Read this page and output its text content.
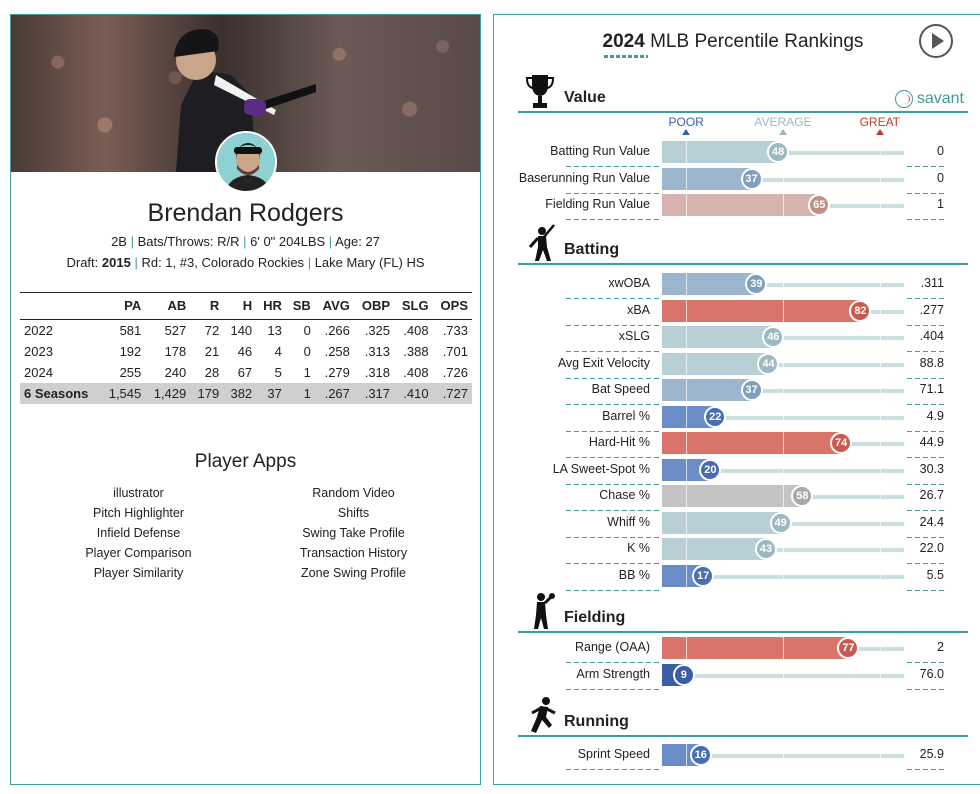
Brendan Rodgers
2B | Bats/Throws: R/R | 6' 0" 204LBS | Age: 27
Draft: 2015 | Rd: 1, #3, Colorado Rockies | Lake Mary (FL) HS
	PA	AB	R	H	HR	SB	AVG	OBP	SLG	OPS
2022	581	527	72	140	13	0	.266	.325	.408	.733
2023	192	178	21	46	4	0	.258	.313	.388	.701
2024	255	240	28	67	5	1	.279	.318	.408	.726
6 Seasons	1,545	1,429	179	382	37	1	.267	.317	.410	.727
Player Apps
illustrator	Random Video
Pitch Highlighter	Shifts
Infield Defense	Swing Take Profile
Player Comparison	Transaction History
Player Similarity	Zone Swing Profile
2024 MLB Percentile Rankings
Value	savant
POOR	AVERAGE	GREAT
Batting Run Value	48	0
Baserunning Run Value	37	0
Fielding Run Value	65	1
Batting
xwOBA	39	.311
xBA	82	.277
xSLG	46	.404
Avg Exit Velocity	44	88.8
Bat Speed	37	71.1
Barrel %	22	4.9
Hard-Hit %	74	44.9
LA Sweet-Spot %	20	30.3
Chase %	58	26.7
Whiff %	49	24.4
K %	43	22.0
BB %	17	5.5
Fielding
Range (OAA)	77	2
Arm Strength	9	76.0
Running
Sprint Speed	16	25.9
